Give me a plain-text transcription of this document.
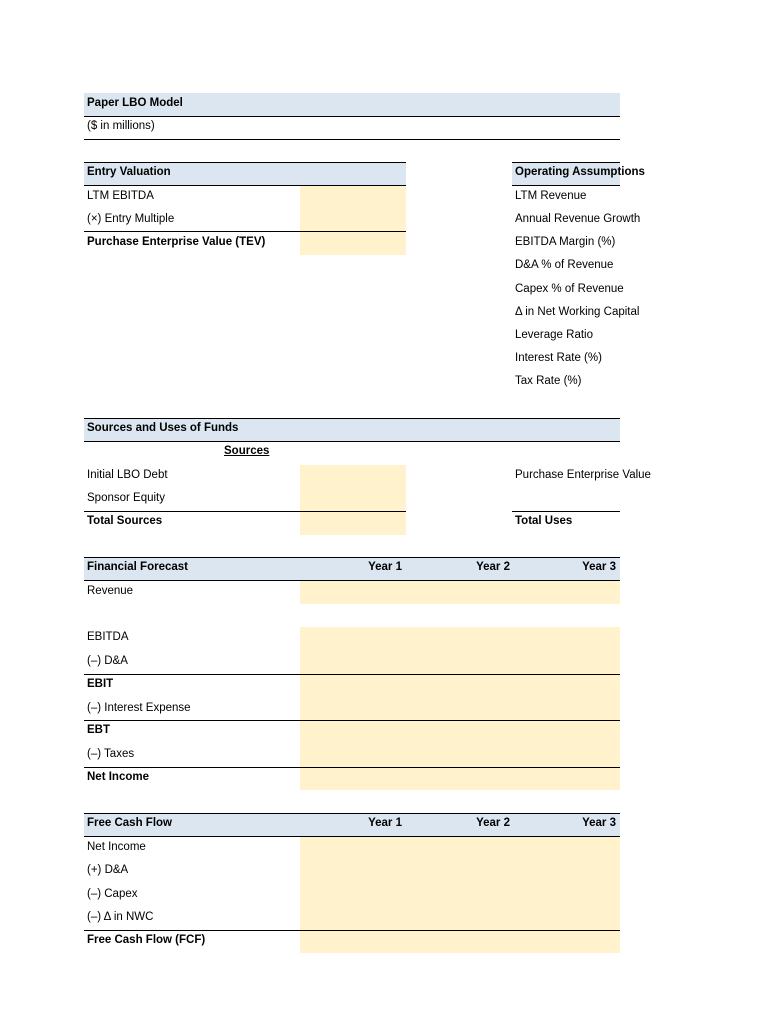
Paper LBO Model
($ in millions)
Entry Valuation
LTM EBITDA
(×) Entry Multiple
Purchase Enterprise Value (TEV)
Operating Assumptions
LTM Revenue
Annual Revenue Growth
EBITDA Margin (%)
D&A % of Revenue
Capex % of Revenue
Δ in Net Working Capital
Leverage Ratio
Interest Rate (%)
Tax Rate (%)
Sources and Uses of Funds
Sources
Initial LBO Debt
Sponsor Equity
Total Sources
Purchase Enterprise Value
Total Uses
Financial Forecast	Year 1	Year 2	Year 3
Revenue
EBITDA
(–) D&A
EBIT
(–) Interest Expense
EBT
(–) Taxes
Net Income
Free Cash Flow	Year 1	Year 2	Year 3
Net Income
(+) D&A
(–) Capex
(–) Δ in NWC
Free Cash Flow (FCF)
